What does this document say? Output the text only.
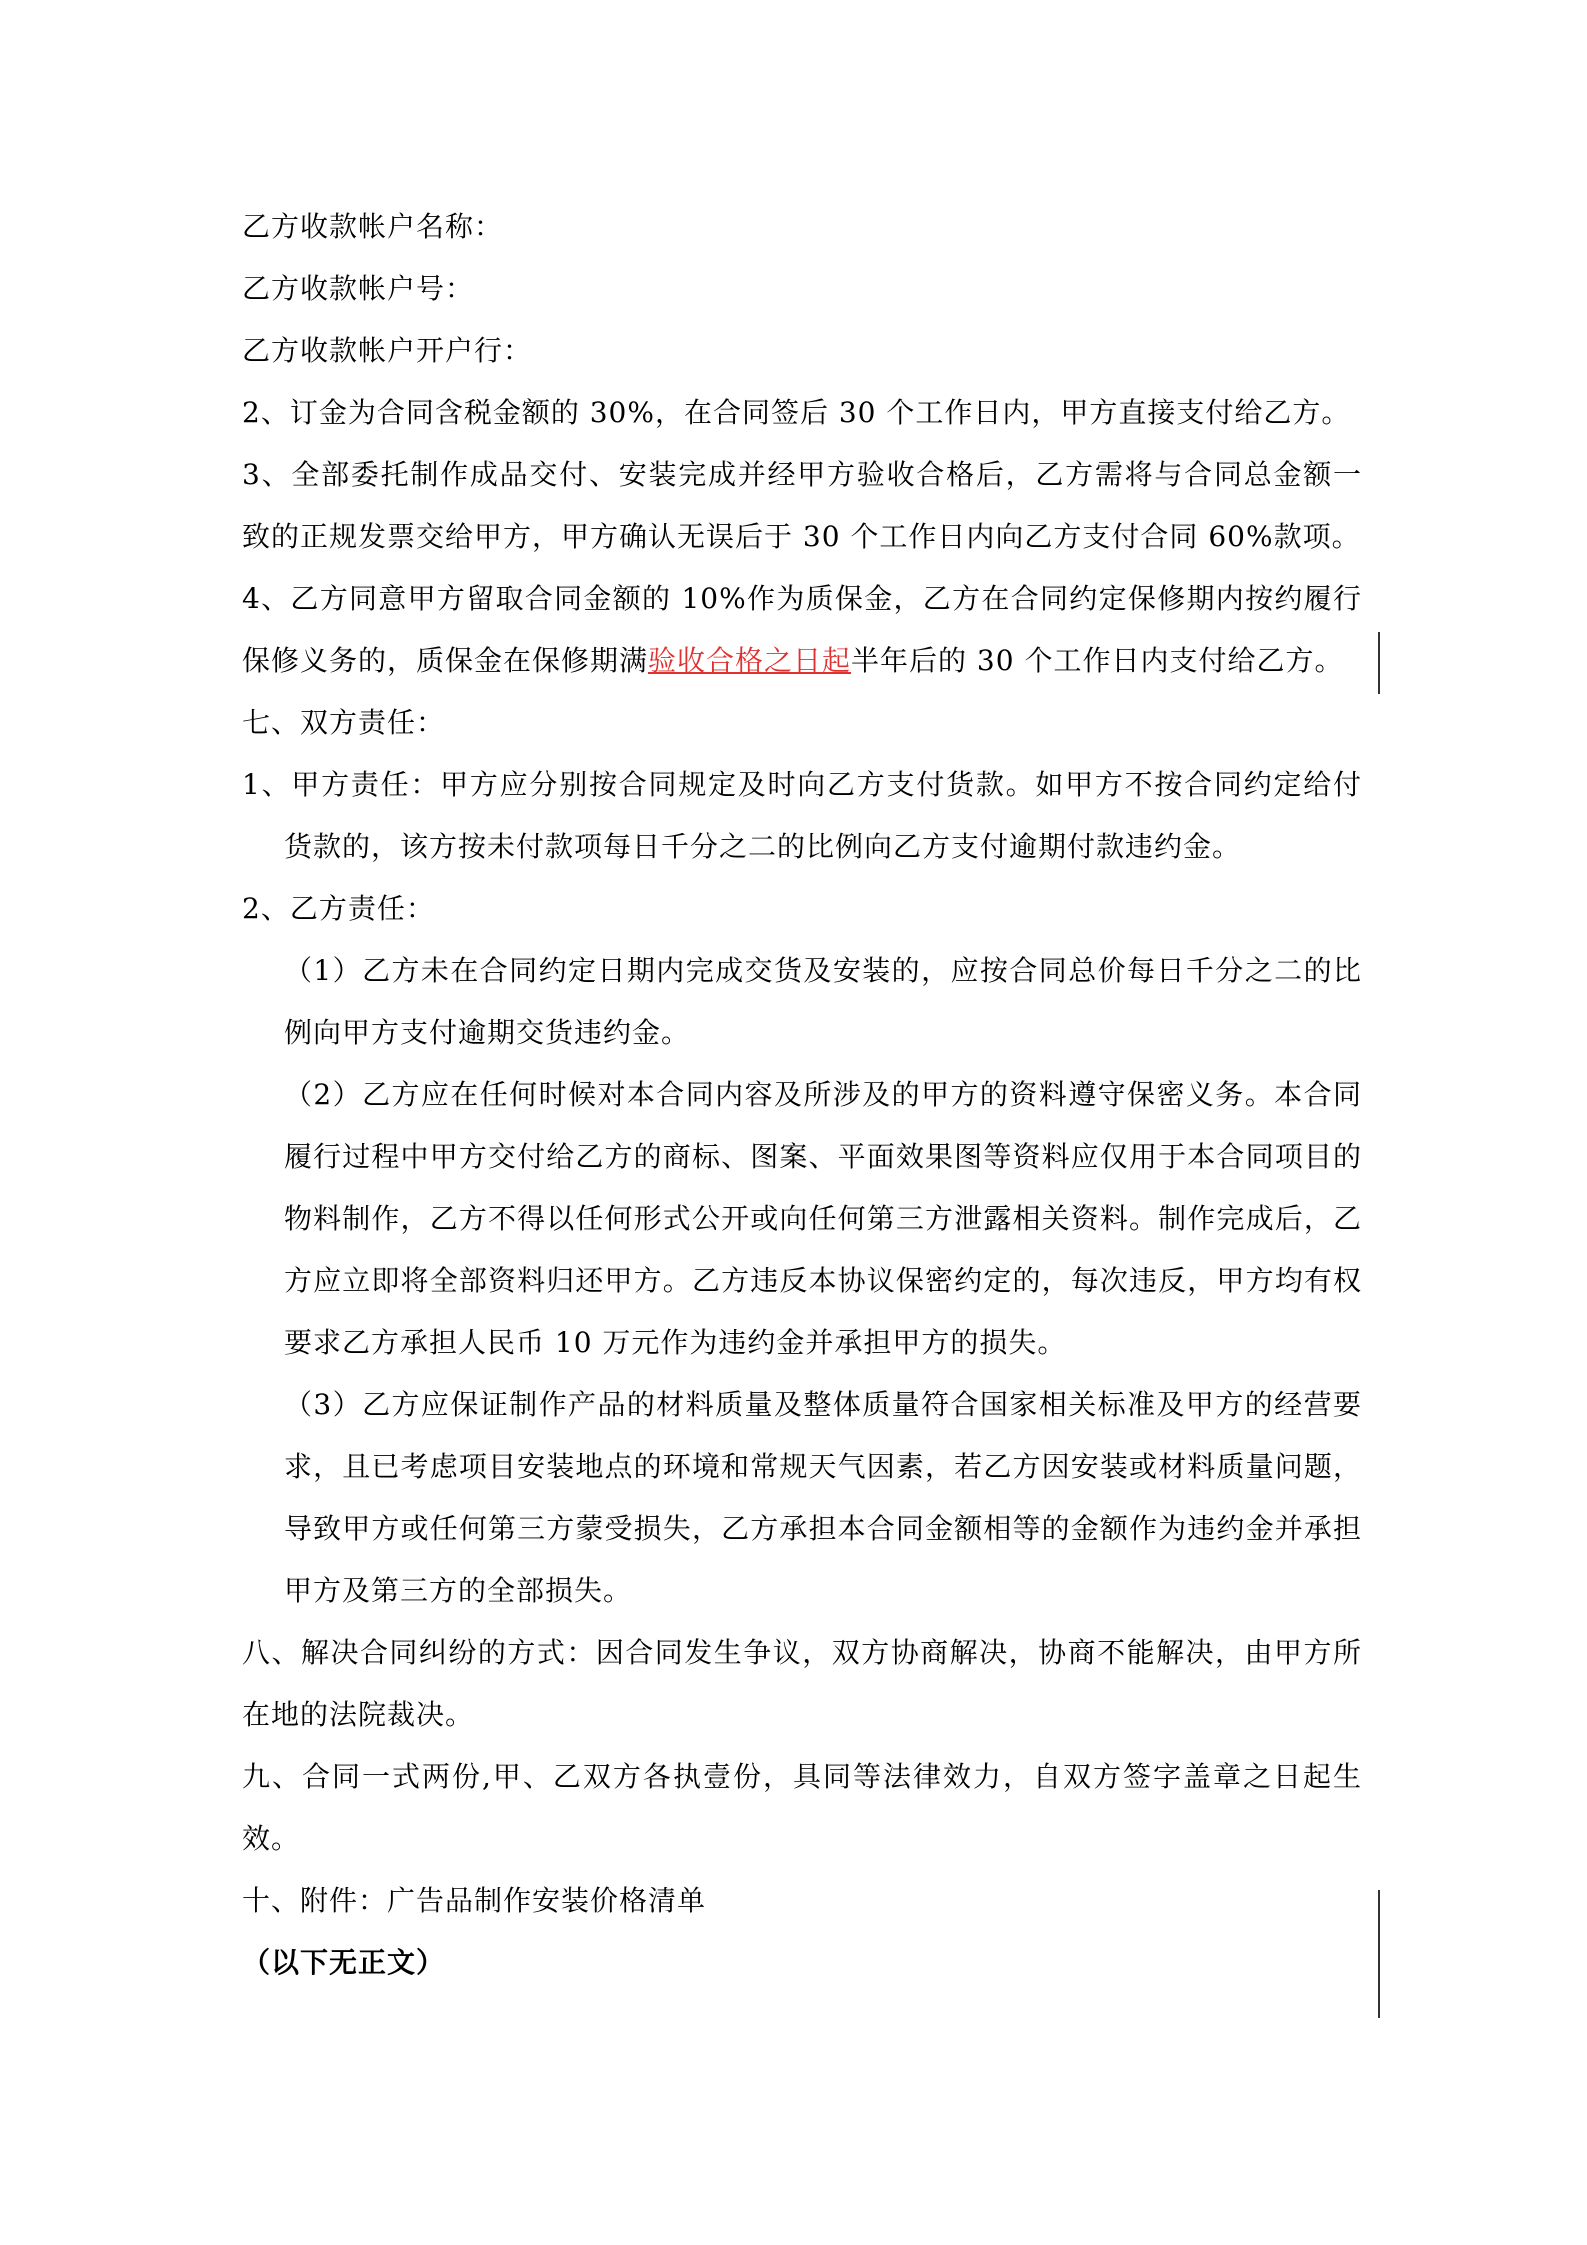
乙方收款帐户名称：

乙方收款帐户号：

乙方收款帐户开户行：

2、订金为合同含税金额的 30%，在合同签后 30 个工作日内，甲方直接支付给乙方。

3、全部委托制作成品交付、安装完成并经甲方验收合格后，乙方需将与合同总金额一致的正规发票交给甲方，甲方确认无误后于 30 个工作日内向乙方支付合同 60%款项。

4、乙方同意甲方留取合同金额的 10%作为质保金，乙方在合同约定保修期内按约履行保修义务的，质保金在保修期满验收合格之日起半年后的 30 个工作日内支付给乙方。

七、双方责任：

1、甲方责任：甲方应分别按合同规定及时向乙方支付货款。如甲方不按合同约定给付货款的，该方按未付款项每日千分之二的比例向乙方支付逾期付款违约金。

2、乙方责任：

（1）乙方未在合同约定日期内完成交货及安装的，应按合同总价每日千分之二的比例向甲方支付逾期交货违约金。

（2）乙方应在任何时候对本合同内容及所涉及的甲方的资料遵守保密义务。本合同履行过程中甲方交付给乙方的商标、图案、平面效果图等资料应仅用于本合同项目的物料制作，乙方不得以任何形式公开或向任何第三方泄露相关资料。制作完成后，乙方应立即将全部资料归还甲方。乙方违反本协议保密约定的，每次违反，甲方均有权要求乙方承担人民币 10 万元作为违约金并承担甲方的损失。

（3）乙方应保证制作产品的材料质量及整体质量符合国家相关标准及甲方的经营要求，且已考虑项目安装地点的环境和常规天气因素，若乙方因安装或材料质量问题，导致甲方或任何第三方蒙受损失，乙方承担本合同金额相等的金额作为违约金并承担甲方及第三方的全部损失。

八、解决合同纠纷的方式：因合同发生争议，双方协商解决，协商不能解决，由甲方所在地的法院裁决。

九、合同一式两份,甲、乙双方各执壹份，具同等法律效力，自双方签字盖章之日起生效。

十、附件：广告品制作安装价格清单

（以下无正文）
